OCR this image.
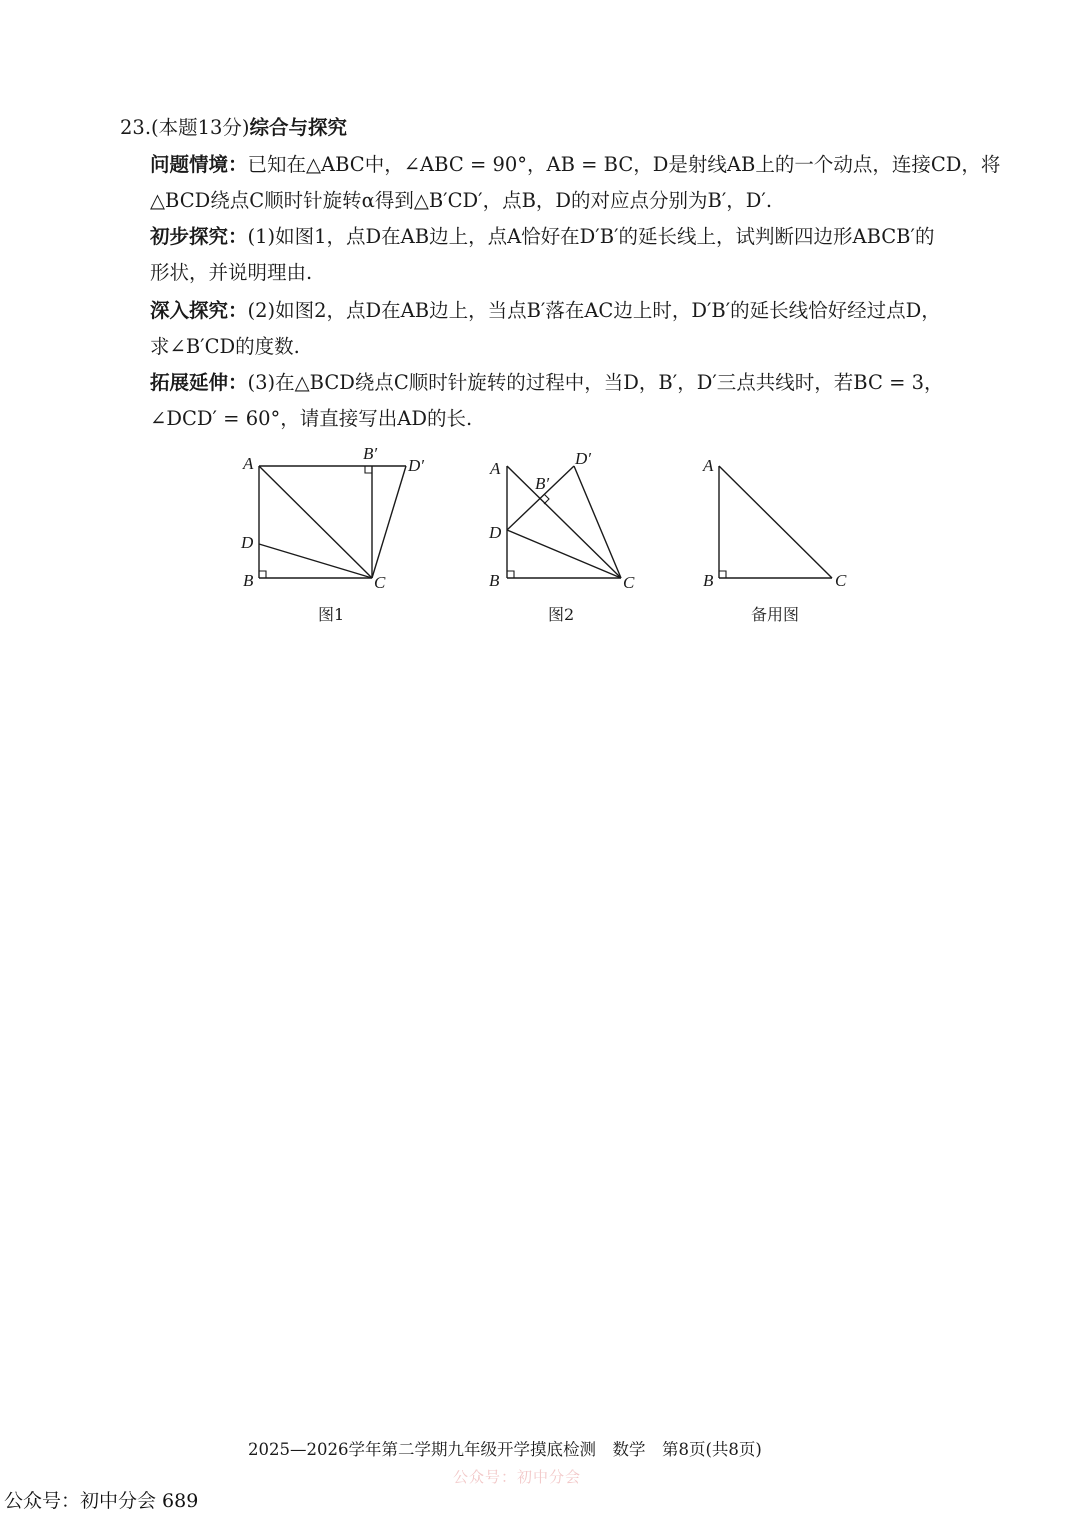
23.(本题13分)综合与探究
问题情境：已知在△ABC中，∠ABC = 90°，AB = BC，D是射线AB上的一个动点，连接CD，将
△BCD绕点C顺时针旋转α得到△B′CD′，点B，D的对应点分别为B′，D′.
初步探究：(1)如图1，点D在AB边上，点A恰好在D′B′的延长线上，试判断四边形ABCB′的
形状，并说明理由.
深入探究：(2)如图2，点D在AB边上，当点B′落在AC边上时，D′B′的延长线恰好经过点D，
求∠B′CD的度数.
拓展延伸：(3)在△BCD绕点C顺时针旋转的过程中，当D，B′，D′三点共线时，若BC = 3，
∠DCD′ = 60°，请直接写出AD的长.
A
B′
D′
D
B	C
图1
A
D′
B′
D
B	C
图2
A
B	C
备用图
2025—2026学年第二学期九年级开学摸底检测　数学　第8页(共8页)
公众号：初中分会
公众号：初中分会 689
